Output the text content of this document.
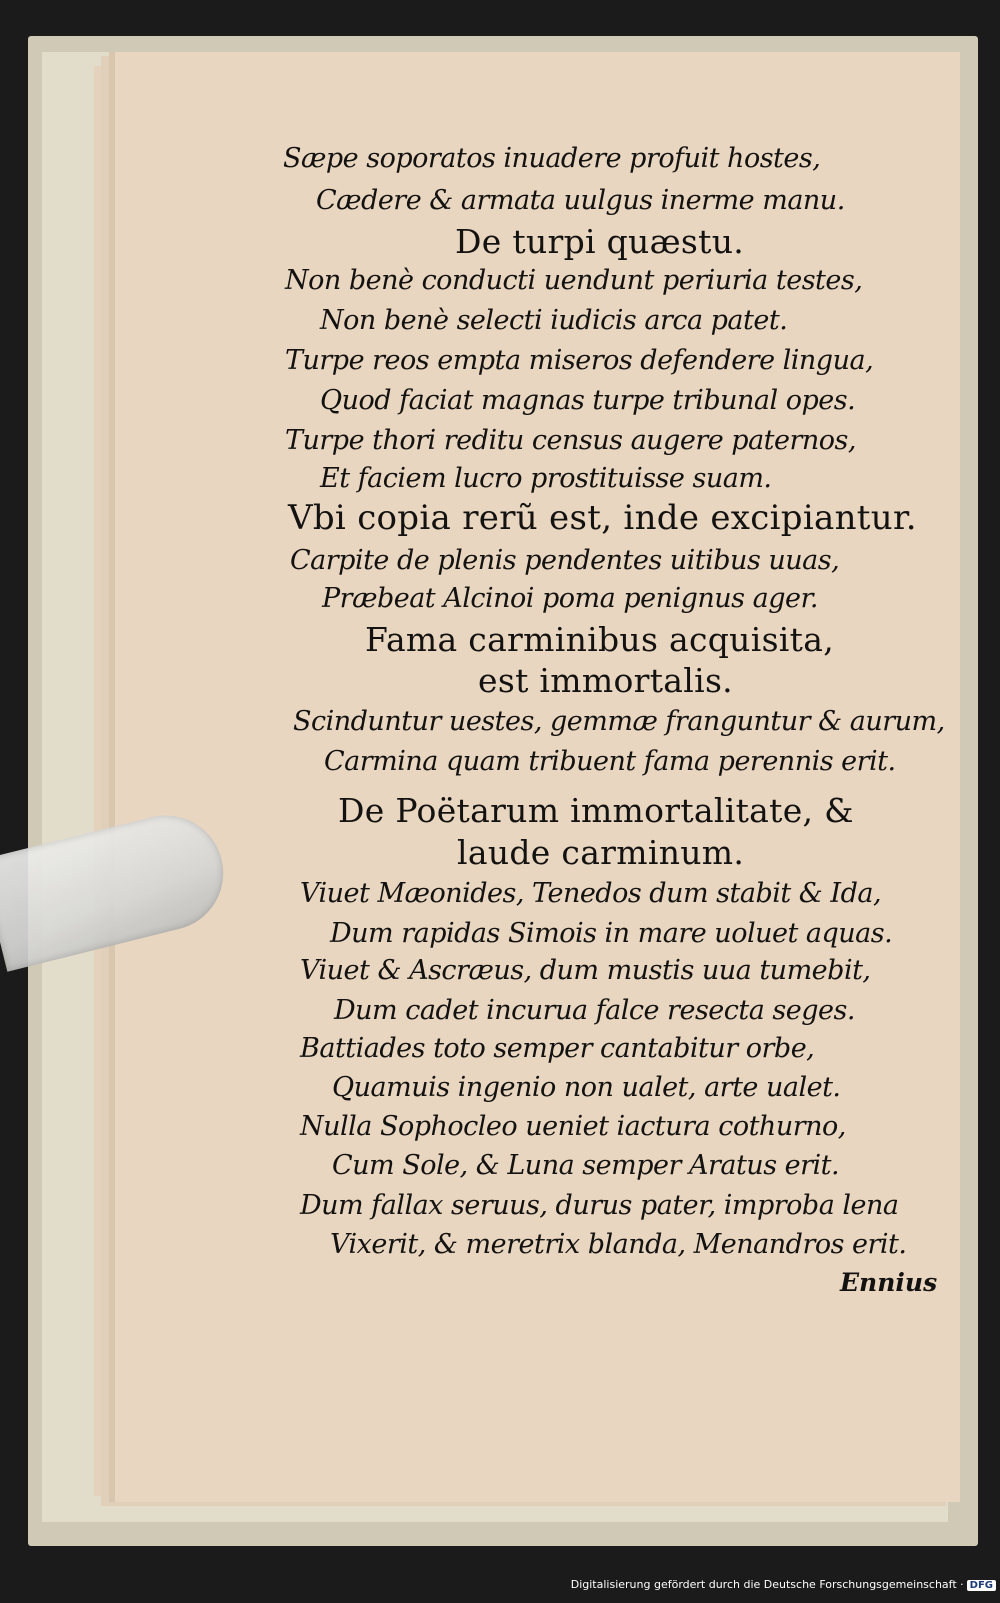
Sæpe soporatos inuadere profuit hostes,
Cædere & armata uulgus inerme manu.
De turpi quæstu.
Non benè conducti uendunt periuria testes,
Non benè selecti iudicis arca patet.
Turpe reos empta miseros defendere lingua,
Quod faciat magnas turpe tribunal opes.
Turpe thori reditu census augere paternos,
Et faciem lucro prostituisse suam.
Vbi copia rerũ est, inde excipiantur.
Carpite de plenis pendentes uitibus uuas,
Præbeat Alcinoi poma penignus ager.
Fama carminibus acquisita,
est immortalis.
Scinduntur uestes, gemmæ franguntur & aurum,
Carmina quam tribuent fama perennis erit.
De Poëtarum immortalitate, &
laude carminum.
Viuet Mæonides, Tenedos dum stabit & Ida,
Dum rapidas Simois in mare uoluet aquas.
Viuet & Ascræus, dum mustis uua tumebit,
Dum cadet incurua falce resecta seges.
Battiades toto semper cantabitur orbe,
Quamuis ingenio non ualet, arte ualet.
Nulla Sophocleo ueniet iactura cothurno,
Cum Sole, & Luna semper Aratus erit.
Dum fallax seruus, durus pater, improba lena
Vixerit, & meretrix blanda, Menandros erit.
Ennius
Digitalisierung gefördert durch die Deutsche Forschungsgemeinschaft · DFG
